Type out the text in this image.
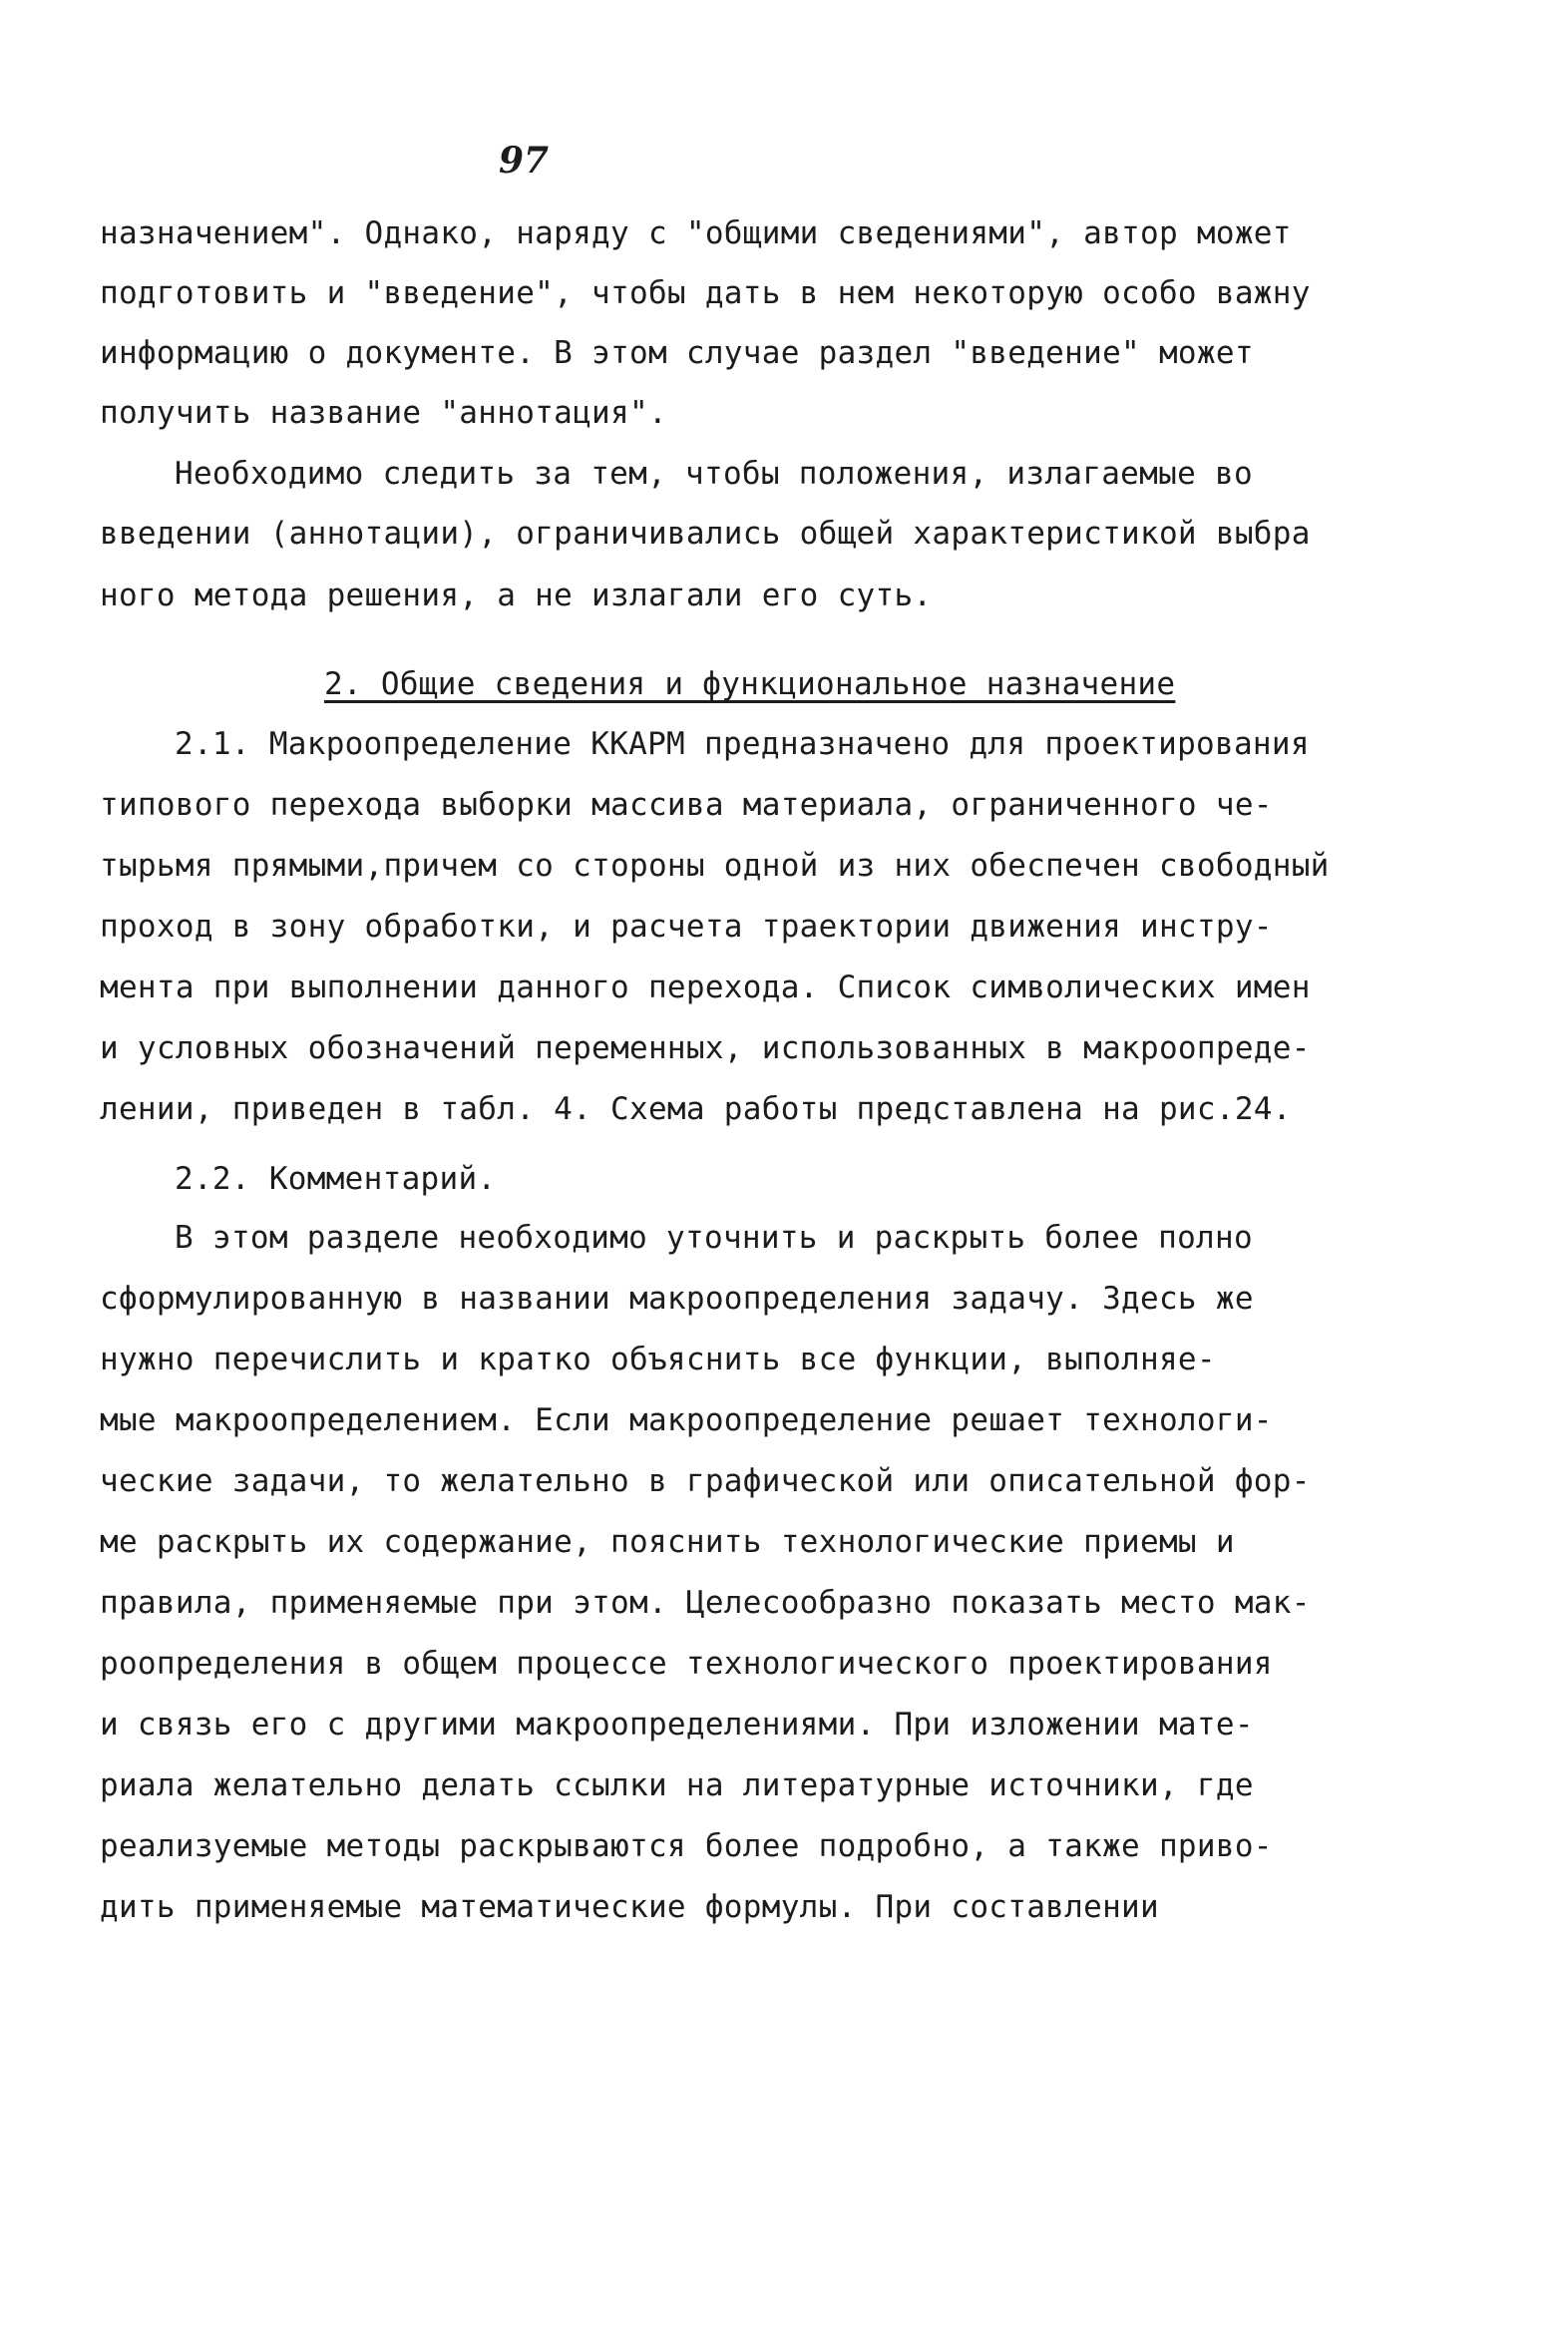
97
назначением". Однако, наряду с "общими сведениями", автор может
подготовить и "введение", чтобы дать в нем некоторую ocoбо важну
информацию о документе. В этом случае раздел "введение" может
получить название "аннотация".
Необходимо следить за тем, чтобы положения, излагаемые во
введении (аннотации), ограничивались общей характеристикой выбра
ного метода решения, а не излагали его суть.
2. Общие сведения и функциональное назначение
2.1. Макроопределение ККАРМ предназначено для проектирования
типового перехода выборки массива материала, ограниченного че-
тырьмя прямыми,причем со стороны одной из них обеспечен свободный
проход в зону обработки, и расчета траектории движения инстру-
мента при выполнении данного перехода. Список символических имен
и условных обозначений переменных, использованных в макроопреде-
лении, приведен в табл. 4. Схема работы представлена на рис.24.
2.2. Комментарий.
В этом разделе необходимо уточнить и раскрыть более полно
сформулированную в названии макроопределения задачу. Здесь же
нужно перечислить и кратко объяснить все функции, выполняе-
мые макроопределением. Если макроопределение решает технологи-
ческие задачи, то желательно в графической или описательной фор-
ме раскрыть их содержание, пояснить технологические приемы и
правила, применяемые при этом. Целесообразно показать место мак-
роопределения в общем процессе технологического проектирования
и связь его с другими макроопределениями. При изложении мате-
риала желательно делать ссылки на литературные источники, где
реализуемые методы раскрываются более подробно, а также приво-
дить применяемые математические формулы. При составлении
